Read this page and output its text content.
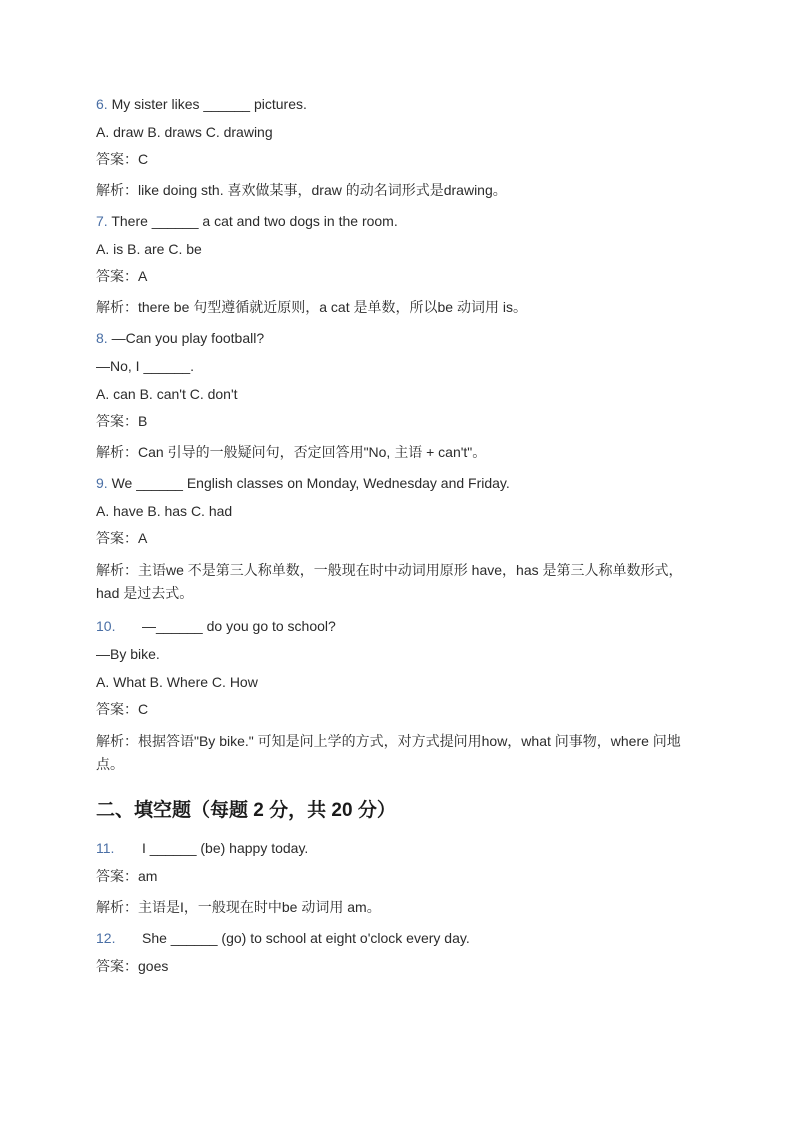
6. My sister likes ______ pictures.

A. draw B. draws C. drawing

答案：C

解析：like doing sth. 喜欢做某事，draw 的动名词形式是drawing。

7. There ______ a cat and two dogs in the room.

A. is B. are C. be

答案：A

解析：there be 句型遵循就近原则，a cat 是单数，所以be 动词用 is。

8. —Can you play football?

—No, I ______.

A. can B. can't C. don't

答案：B

解析：Can 引导的一般疑问句，否定回答用"No, 主语 + can't"。

9. We ______ English classes on Monday, Wednesday and Friday.

A. have B. has C. had

答案：A

解析：主语we 不是第三人称单数，一般现在时中动词用原形 have，has 是第三人称单数形式，had 是过去式。

10. —______ do you go to school?

—By bike.

A. What B. Where C. How

答案：C

解析：根据答语"By bike." 可知是问上学的方式，对方式提问用how，what 问事物，where 问地点。

二、填空题（每题 2 分，共 20 分）

11. I ______ (be) happy today.

答案：am

解析：主语是I，一般现在时中be 动词用 am。

12. She ______ (go) to school at eight o'clock every day.

答案：goes
